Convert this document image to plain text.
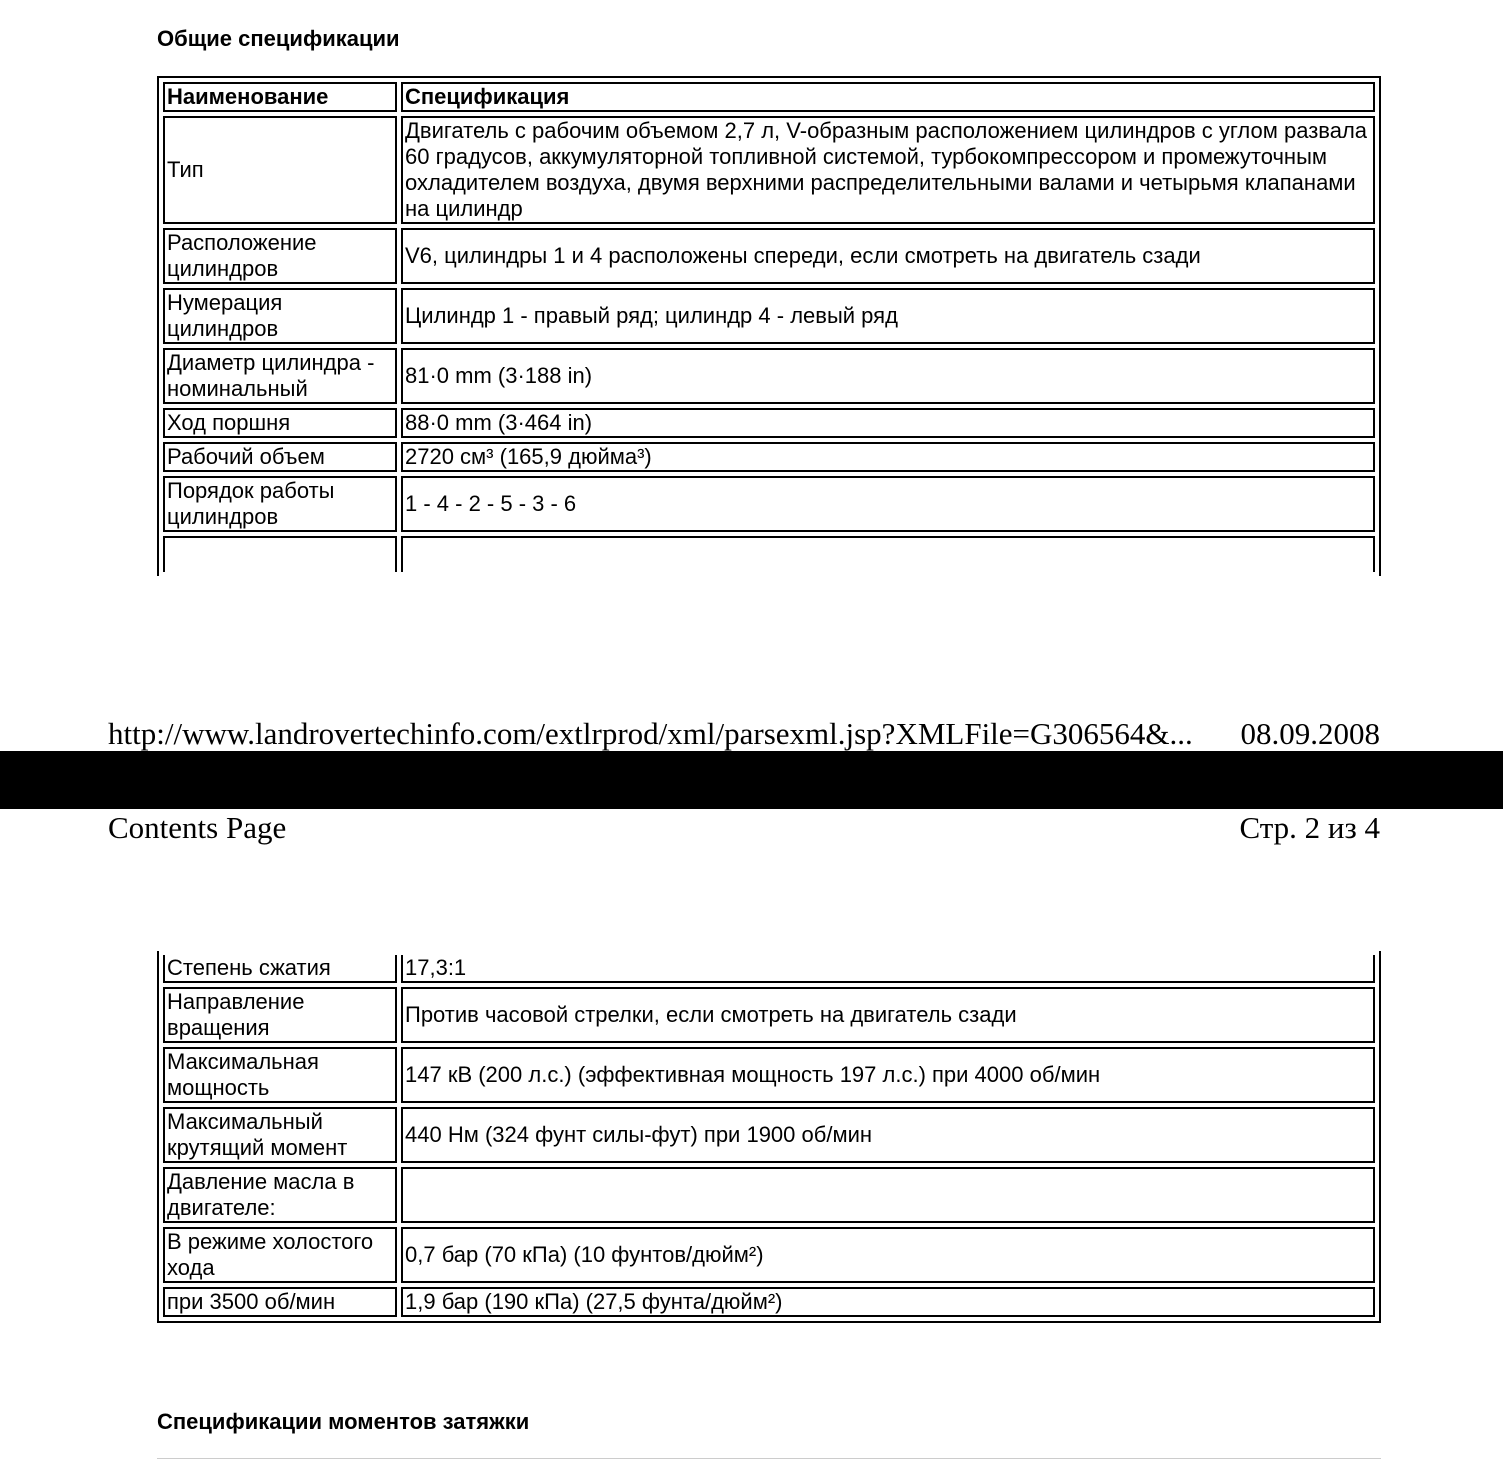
Общие спецификации
Наименование	Спецификация
Тип	Двигатель с рабочим объемом 2,7 л, V-образным расположением цилиндров с углом развала 60 градусов, аккумуляторной топливной системой, турбокомпрессором и промежуточным охладителем воздуха, двумя верхними распределительными валами и четырьмя клапанами на цилиндр
Расположение цилиндров	V6, цилиндры 1 и 4 расположены спереди, если смотреть на двигатель сзади
Нумерация цилиндров	Цилиндр 1 - правый ряд; цилиндр 4 - левый ряд
Диаметр цилиндра - номинальный	81·0 mm (3·188 in)
Ход поршня	88·0 mm (3·464 in)
Рабочий объем	2720 см³ (165,9 дюйма³)
Порядок работы цилиндров	1 - 4 - 2 - 5 - 3 - 6

http://www.landrovertechinfo.com/extlrprod/xml/parsexml.jsp?XMLFile=G306564&... 08.09.2008
Contents Page	Стр. 2 из 4
Степень сжатия	17,3:1
Направление вращения	Против часовой стрелки, если смотреть на двигатель сзади
Максимальная мощность	147 кВ (200 л.с.) (эффективная мощность 197 л.с.) при 4000 об/мин
Максимальный крутящий момент	440 Нм (324 фунт силы-фут) при 1900 об/мин
Давление масла в двигателе:	
В режиме холостого хода	0,7 бар (70 кПа) (10 фунтов/дюйм²)
при 3500 об/мин	1,9 бар (190 кПа) (27,5 фунта/дюйм²)
Спецификации моментов затяжки
